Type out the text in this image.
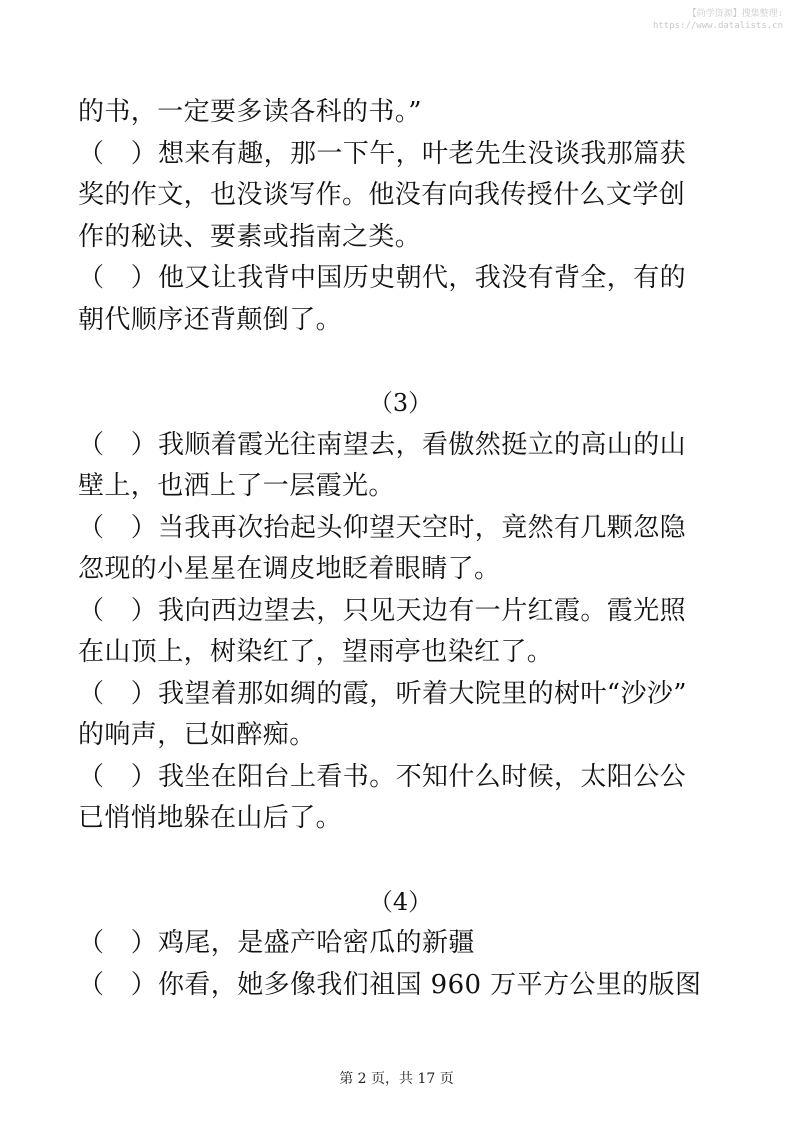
【尚学资源】搜集整理:
https://www.datalists.cn
的书，一定要多读各科的书。”
（　）想来有趣，那一下午，叶老先生没谈我那篇获
奖的作文，也没谈写作。他没有向我传授什么文学创
作的秘诀、要素或指南之类。
（　）他又让我背中国历史朝代，我没有背全，有的
朝代顺序还背颠倒了。
（3）
（　）我顺着霞光往南望去，看傲然挺立的高山的山
壁上，也洒上了一层霞光。
（　）当我再次抬起头仰望天空时，竟然有几颗忽隐
忽现的小星星在调皮地眨着眼睛了。
（　）我向西边望去，只见天边有一片红霞。霞光照
在山顶上，树染红了，望雨亭也染红了。
（　）我望着那如绸的霞，听着大院里的树叶“沙沙”
的响声，已如醉痴。
（　）我坐在阳台上看书。不知什么时候，太阳公公
已悄悄地躲在山后了。
（4）
（　）鸡尾，是盛产哈密瓜的新疆
（　）你看，她多像我们祖国 960 万平方公里的版图
第 2 页，共 17 页
